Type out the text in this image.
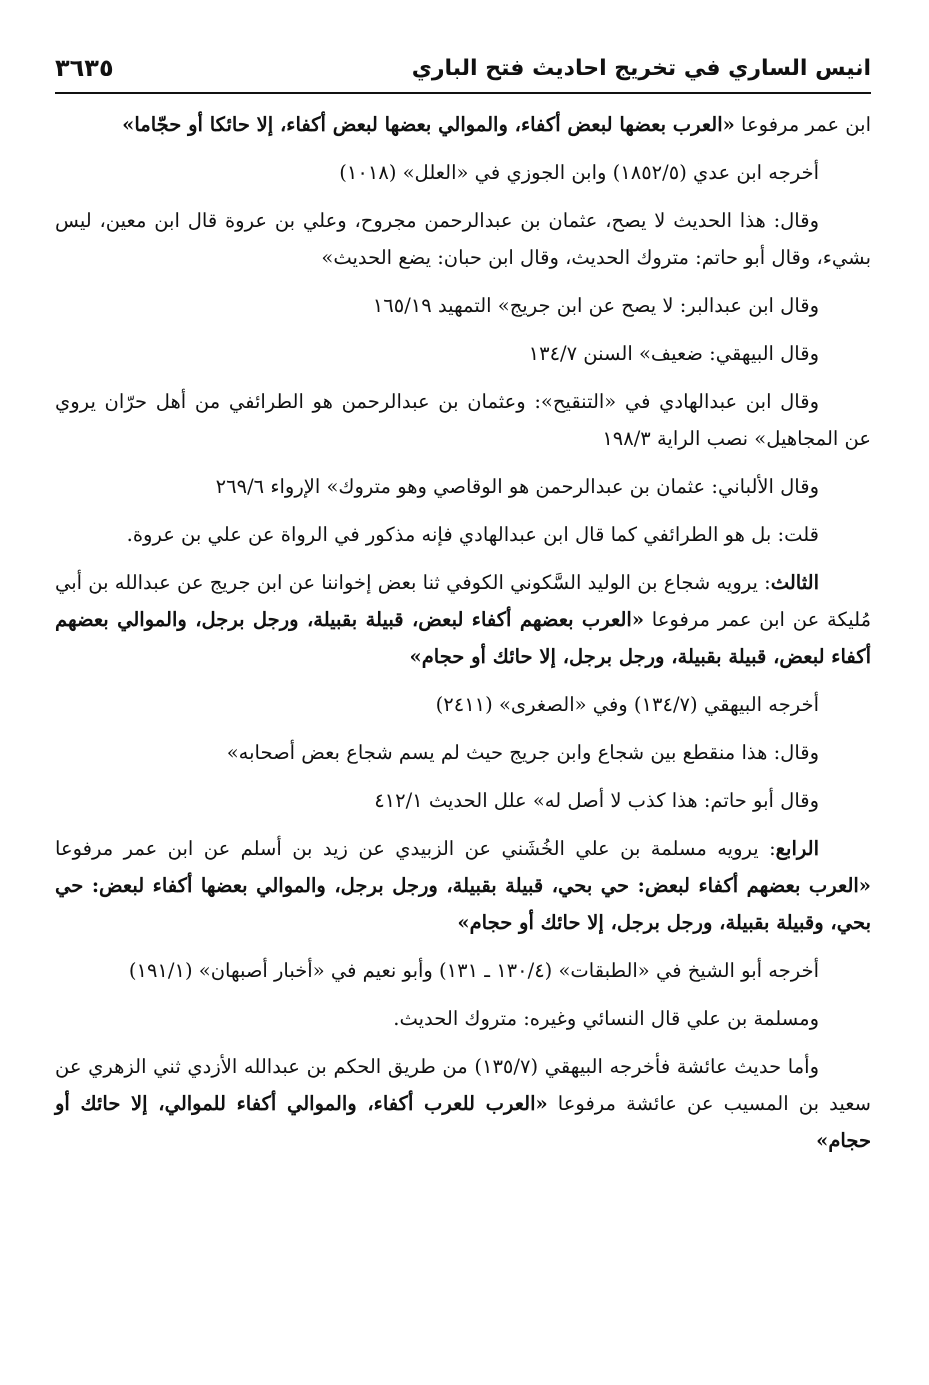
انيس الساري في تخريج احاديث فتح الباري
٣٦٣٥

ابن عمر مرفوعا «العرب بعضها لبعض أكفاء، والموالي بعضها لبعض أكفاء، إلا حائكا أو حجّاما»

أخرجه ابن عدي (١٨٥٢/٥) وابن الجوزي في «العلل» (١٠١٨)

وقال: هذا الحديث لا يصح، عثمان بن عبدالرحمن مجروح، وعلي بن عروة قال ابن معين، ليس بشيء، وقال أبو حاتم: متروك الحديث، وقال ابن حبان: يضع الحديث»

وقال ابن عبدالبر: لا يصح عن ابن جريج» التمهيد ١٦٥/١٩

وقال البيهقي: ضعيف» السنن ١٣٤/٧

وقال ابن عبدالهادي في «التنقيح»: وعثمان بن عبدالرحمن هو الطرائفي من أهل حرّان يروي عن المجاهيل» نصب الراية ١٩٨/٣

وقال الألباني: عثمان بن عبدالرحمن هو الوقاصي وهو متروك» الإرواء ٢٦٩/٦

قلت: بل هو الطرائفي كما قال ابن عبدالهادي فإنه مذكور في الرواة عن علي بن عروة.

الثالث: يرويه شجاع بن الوليد السَّكوني الكوفي ثنا بعض إخواننا عن ابن جريج عن عبدالله بن أبي مُليكة عن ابن عمر مرفوعا «العرب بعضهم أكفاء لبعض، قبيلة بقبيلة، ورجل برجل، والموالي بعضهم أكفاء لبعض، قبيلة بقبيلة، ورجل برجل، إلا حائك أو حجام»

أخرجه البيهقي (١٣٤/٧) وفي «الصغرى» (٢٤١١)

وقال: هذا منقطع بين شجاع وابن جريج حيث لم يسم شجاع بعض أصحابه»

وقال أبو حاتم: هذا كذب لا أصل له» علل الحديث ٤١٢/١

الرابع: يرويه مسلمة بن علي الخُشَني عن الزبيدي عن زيد بن أسلم عن ابن عمر مرفوعا «العرب بعضهم أكفاء لبعض: حي بحي، قبيلة بقبيلة، ورجل برجل، والموالي بعضها أكفاء لبعض: حي بحي، وقبيلة بقبيلة، ورجل برجل، إلا حائك أو حجام»

أخرجه أبو الشيخ في «الطبقات» (١٣٠/٤ ـ ١٣١) وأبو نعيم في «أخبار أصبهان» (١٩١/١)

ومسلمة بن علي قال النسائي وغيره: متروك الحديث.

وأما حديث عائشة فأخرجه البيهقي (١٣٥/٧) من طريق الحكم بن عبدالله الأزدي ثني الزهري عن سعيد بن المسيب عن عائشة مرفوعا «العرب للعرب أكفاء، والموالي أكفاء للموالي، إلا حائك أو حجام»
